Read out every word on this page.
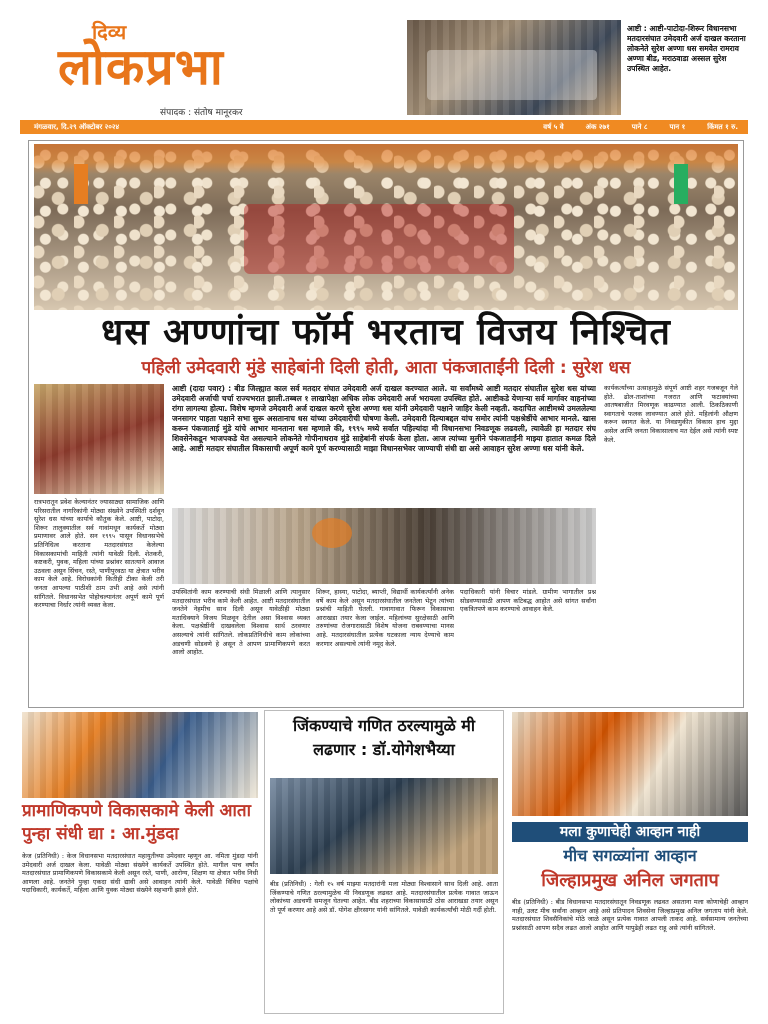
दिव्य
लोकप्रभा
संपादक : संतोष मानूरकर
आष्टी : आष्टी-पाटोदा-शिरूर विधानसभा मतदारसंघात उमेदवारी अर्ज दाखल करताना लोकनेते सुरेश अण्णा धस समवेत रामराव अण्णा बीड, मराठवाडा अस्सल सुरेश उपस्थित आहेत.
मंगळवार, दि.२९ ऑक्टोबर २०२४	वर्ष ५ वे	अंक २७१	पाने ८	पान १	किंमत १ रु.
धस अण्णांचा फॉर्म भरताच विजय निश्चित
पहिली उमेदवारी मुंडे साहेबांनी दिली होती, आता पंकजाताईंनी दिली : सुरेश धस
आष्टी (दादा पवार) : बीड जिल्ह्यात काल सर्व मतदार संघात उमेदवारी अर्ज दाखल करण्यात आले. या सर्वांमध्ये आष्टी मतदार संघातील सुरेश धस यांच्या उमेदवारी अर्जाची चर्चा राज्यभरात झाली.तब्बल १ लाखापेक्षा अधिक लोक उमेदवारी अर्ज भरायला उपस्थित होते. आष्टीकडे येणाऱ्या सर्व मार्गावर वाहनांच्या रांगा लागल्या होत्या. विशेष म्हणजे उमेदवारी अर्ज दाखल करणे सुरेश अण्णा धस यांनी उमेदवारी पक्षाने जाहिर केली नव्हती. कदाचित आष्टीमध्ये उमललेल्या जनसागर पाहता पक्षाने सभा सुरू असतानाच धस यांच्या उमेदवारीची घोषणा केली. उमेदवारी दिल्याबद्दल यांच समोर त्यांनी पक्षश्रेष्ठींचे आभार मानले. खास करून पंकजाताई मुंडे यांचे आभार मानताना धस म्हणाले की, १९९५ मध्ये सर्वात पहिल्यांदा मी विधानसभा निवडणूक लढवली, त्यावेळी हा मतदार संघ शिवसेनेकडून भाजपकडे येत असल्याने लोकनेते गोपीनाथराव मुंडे साहेबांनी संपर्क केला होता. आज त्यांच्या मुलीने पंकजाताईंनी माझ्या हातात कमळ दिले आहे. आष्टी मतदार संघातील विकासाची अपूर्ण कामे पूर्ण करण्यासाठी माझा विधानसभेवर जाण्याची संधी द्या असे आवाहन सुरेश अण्णा धस यांनी केले.
कार्यकर्त्यांच्या उत्साहामुळे संपूर्ण आष्टी शहर गजबजून गेले होते. ढोल-ताशांच्या गजरात आणि फटाक्यांच्या आतषबाजीत मिरवणूक काढण्यात आली. ठिकठिकाणी स्वागताचे फलक लावण्यात आले होते. महिलांनी औक्षण करून स्वागत केले. या निवडणुकीत विकास हाच मुद्दा असेल आणि जनता विकासालाच मत देईल असे त्यांनी स्पष्ट केले.
रात्रभरातून प्रवेश केल्यानंतर ज्यासाठ्या सामाजिक आणि परिसरातील नागरिकांनी मोठ्या संख्येने उपस्थिती दर्शवून सुरेश धस यांच्या कार्याचे कौतुक केले. आष्टी, पाटोदा, शिरूर तालुक्यातील सर्व गावांमधून कार्यकर्ते मोठ्या प्रमाणावर आले होते. सन १९९५ पासून विधानसभेचे प्रतिनिधित्व करताना मतदारसंघात केलेल्या विकासकामांची माहिती त्यांनी यावेळी दिली. शेतकरी, कष्टकरी, युवक, महिला यांच्या प्रश्नांवर सातत्याने आवाज उठवला असून सिंचन, रस्ते, पाणीपुरवठा या क्षेत्रात भरीव काम केले आहे. विरोधकांनी कितीही टीका केली तरी जनता आपल्या पाठीशी ठाम उभी आहे असे त्यांनी सांगितले. विधानसभेत पोहोचल्यानंतर अपूर्ण कामे पूर्ण करण्याचा निर्धार त्यांनी व्यक्त केला.
उपस्थितांनी काम करण्याची संधी मिळाली आणि त्यानुसार मतदारसंघात भरीव कामे केली आहेत. आष्टी मतदारसंघातील जनतेने नेहमीच साथ दिली असून यावेळीही मोठ्या मताधिक्याने विजय मिळवून देतील असा विश्वास व्यक्त केला. पक्षश्रेष्ठींनी दाखवलेला विश्वास सार्थ ठरवणार असल्याचे त्यांनी सांगितले. लोकप्रतिनिधीचे काम लोकांच्या अडचणी सोडवणे हे असून ते आपण प्रामाणिकपणे करत आलो आहोत.
शिरूर, हास्या, पाटोदा, ब्याप्ती, विद्यार्थी कार्यकर्त्यांनी अनेक वर्षे काम केले असून मतदारसंघातील जनतेला भेटून त्यांच्या प्रश्नांची माहिती घेतली. गावागावात फिरून विकासाचा आराखडा तयार केला जाईल. महिलांच्या सुरक्षेसाठी आणि तरुणांच्या रोजगारासाठी विशेष योजना राबवण्याचा मानस आहे. मतदारसंघातील प्रत्येक घटकाला न्याय देण्याचे काम करणार असल्याचे त्यांनी नमूद केले.
पदाधिकारी यांनी विचार मांडले. ग्रामीण भागातील प्रश्न सोडवण्यासाठी आपण कटिबद्ध आहोत असे सांगत सर्वांना एकत्रितपणे काम करण्याचे आवाहन केले.
प्रामाणिकपणे विकासकामे केली आता पुन्हा संधी द्या : आ.मुंडदा
केज (प्रतिनिधी) : केज विधानसभा मतदारसंघात महायुतीच्या उमेदवार म्हणून आ. नमिता मुंडदा यांनी उमेदवारी अर्ज दाखल केला. यावेळी मोठ्या संख्येने कार्यकर्ते उपस्थित होते. मागील पाच वर्षांत मतदारसंघात प्रामाणिकपणे विकासकामे केली असून रस्ते, पाणी, आरोग्य, शिक्षण या क्षेत्रात भरीव निधी आणला आहे. जनतेने पुन्हा एकदा संधी द्यावी असे आवाहन त्यांनी केले. यावेळी विविध पक्षांचे पदाधिकारी, कार्यकर्ते, महिला आणि युवक मोठ्या संख्येने सहभागी झाले होते.
जिंकण्याचे गणित ठरल्यामुळे मी लढणार : डॉ.योगेशभैय्या
बीड (प्रतिनिधी) : गेली १५ वर्ष माझ्या मतदारांनी मला मोठ्या विश्वासाने साथ दिली आहे. आता जिंकण्याचे गणित ठरल्यामुळेच मी निवडणूक लढवत आहे. मतदारसंघातील प्रत्येक गावात जाऊन लोकांच्या अडचणी समजून घेतल्या आहेत. बीड शहराच्या विकासासाठी ठोस आराखडा तयार असून तो पूर्ण करणार आहे असे डॉ. योगेश क्षीरसागर यांनी सांगितले. यावेळी कार्यकर्त्यांची मोठी गर्दी होती.
मला कुणाचेही आव्हान नाही
मीच सगळ्यांना आव्हान
जिल्हाप्रमुख अनिल जगताप
बीड (प्रतिनिधी) : बीड विधानसभा मतदारसंघातून निवडणूक लढवत असताना मला कोणाचेही आव्हान नाही, उलट मीच सर्वांना आव्हान आहे असे प्रतिपादन शिवसेना जिल्हाप्रमुख अनिल जगताप यांनी केले. मतदारसंघात शिवसैनिकांचे मोठे जाळे असून प्रत्येक गावात आपली ताकद आहे. सर्वसामान्य जनतेच्या प्रश्नांसाठी आपण सदैव लढत आलो आहोत आणि यापुढेही लढत राहू असे त्यांनी सांगितले.
